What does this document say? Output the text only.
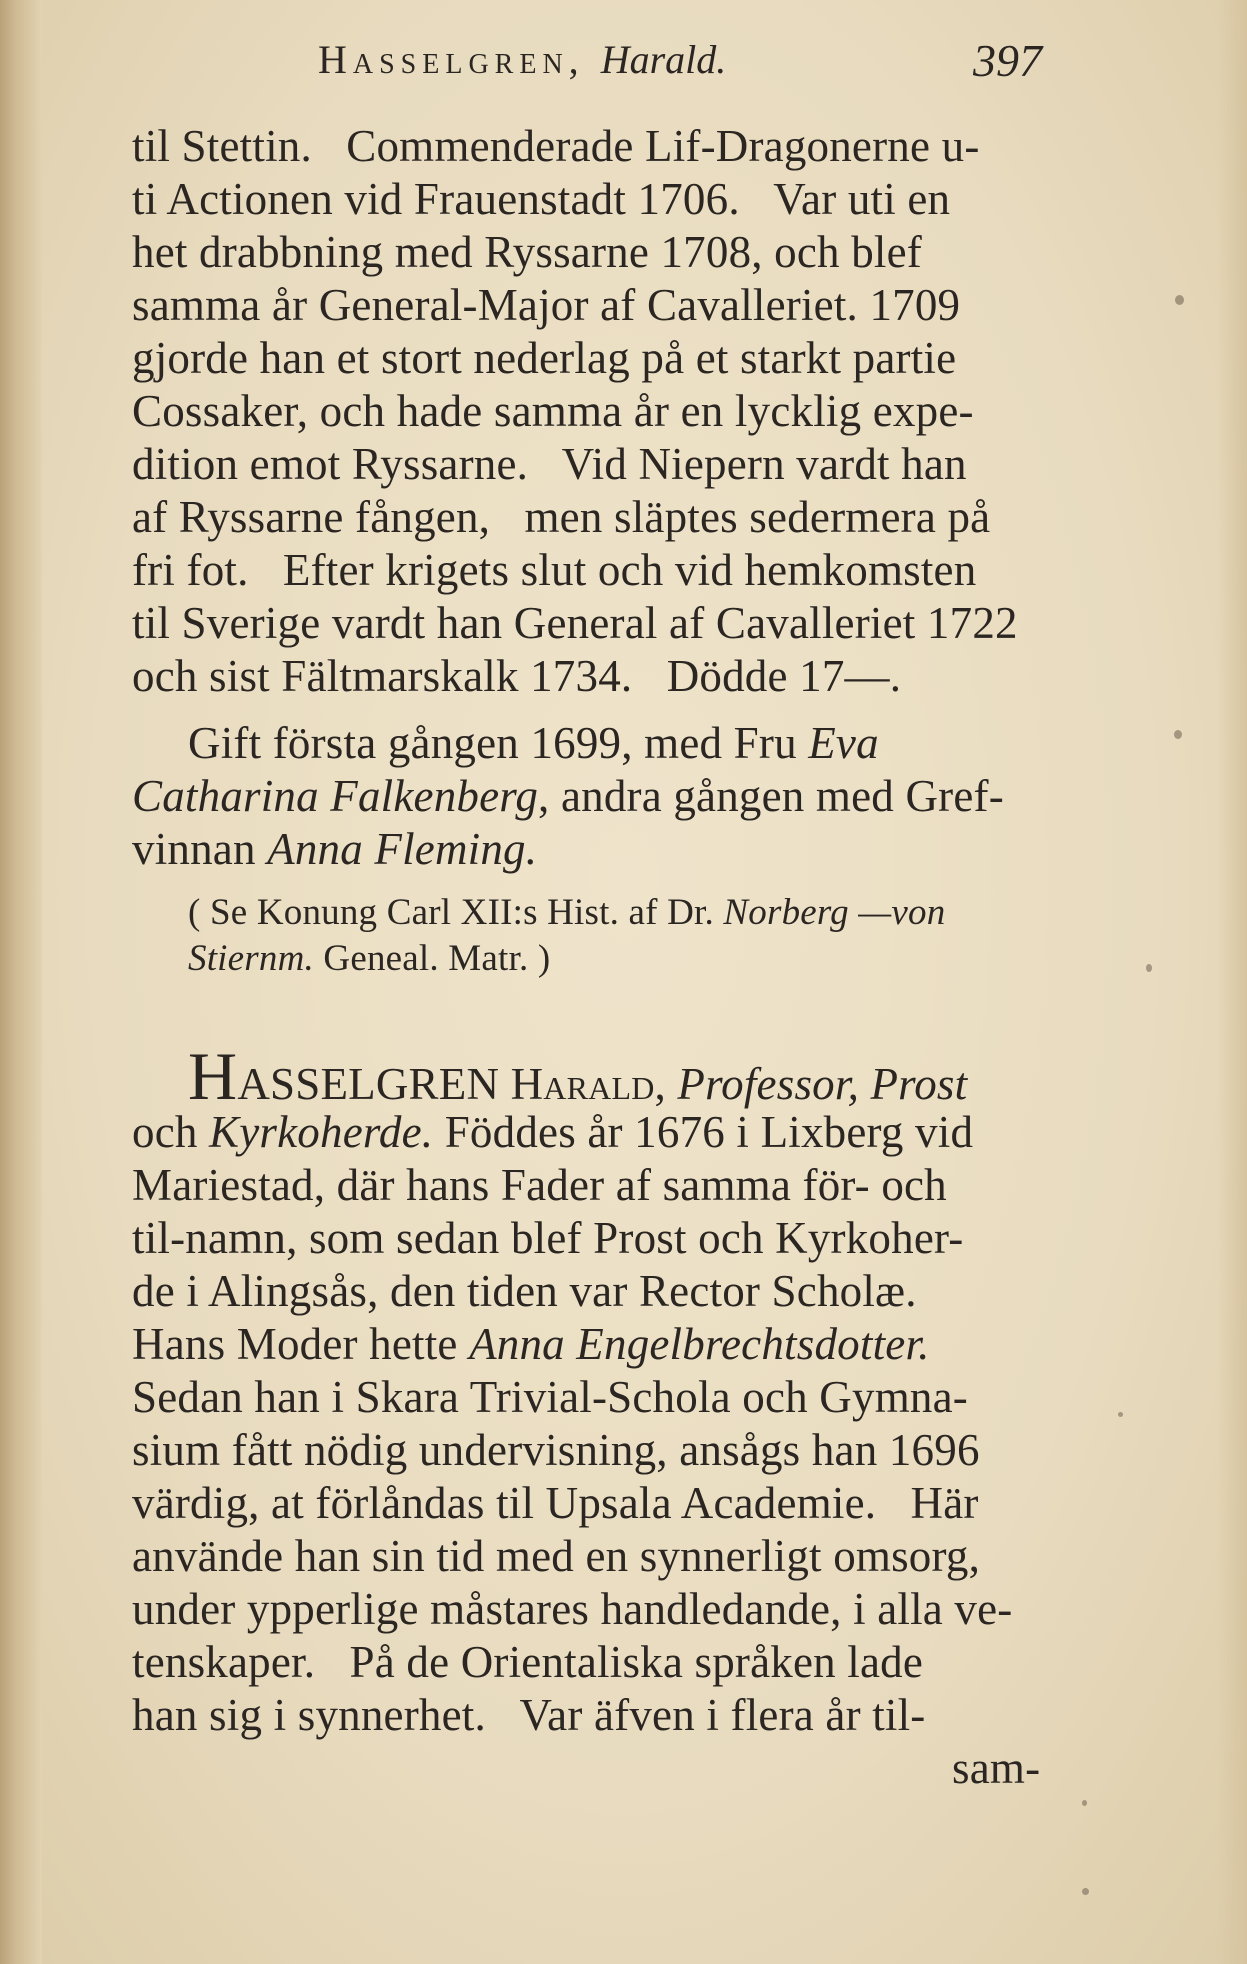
Hasselgren, Harald.	397
til Stettin.   Commenderade Lif-Dragonerne u-
ti Actionen vid Frauenstadt 1706.   Var uti en
het drabbning med Ryssarne 1708, och blef
samma år General-Major af Cavalleriet. 1709
gjorde han et stort nederlag på et starkt partie
Cossaker, och hade samma år en lycklig expe-
dition emot Ryssarne.   Vid Niepern vardt han
af Ryssarne fången,   men släptes sedermera på
fri fot.   Efter krigets slut och vid hemkomsten
til Sverige vardt han General af Cavalleriet 1722
och sist Fältmarskalk 1734.   Dödde 17—.
Gift första gången 1699, med Fru Eva
Catharina Falkenberg, andra gången med Gref-
vinnan Anna Fleming.
( Se Konung Carl XII:s Hist. af Dr. Norberg —von
Stiernm. Geneal. Matr. )
HASSELGREN Harald, Professor, Prost
och Kyrkoherde. Föddes år 1676 i Lixberg vid
Mariestad, där hans Fader af samma för- och
til-namn, som sedan blef Prost och Kyrkoher-
de i Alingsås, den tiden var Rector Scholæ.
Hans Moder hette Anna Engelbrechtsdotter.
Sedan han i Skara Trivial-Schola och Gymna-
sium fått nödig undervisning, ansågs han 1696
värdig, at förlåndas til Upsala Academie.   Här
använde han sin tid med en synnerligt omsorg,
under ypperlige måstares handledande, i alla ve-
tenskaper.   På de Orientaliska språken lade
han sig i synnerhet.   Var äfven i flera år til-
sam-
